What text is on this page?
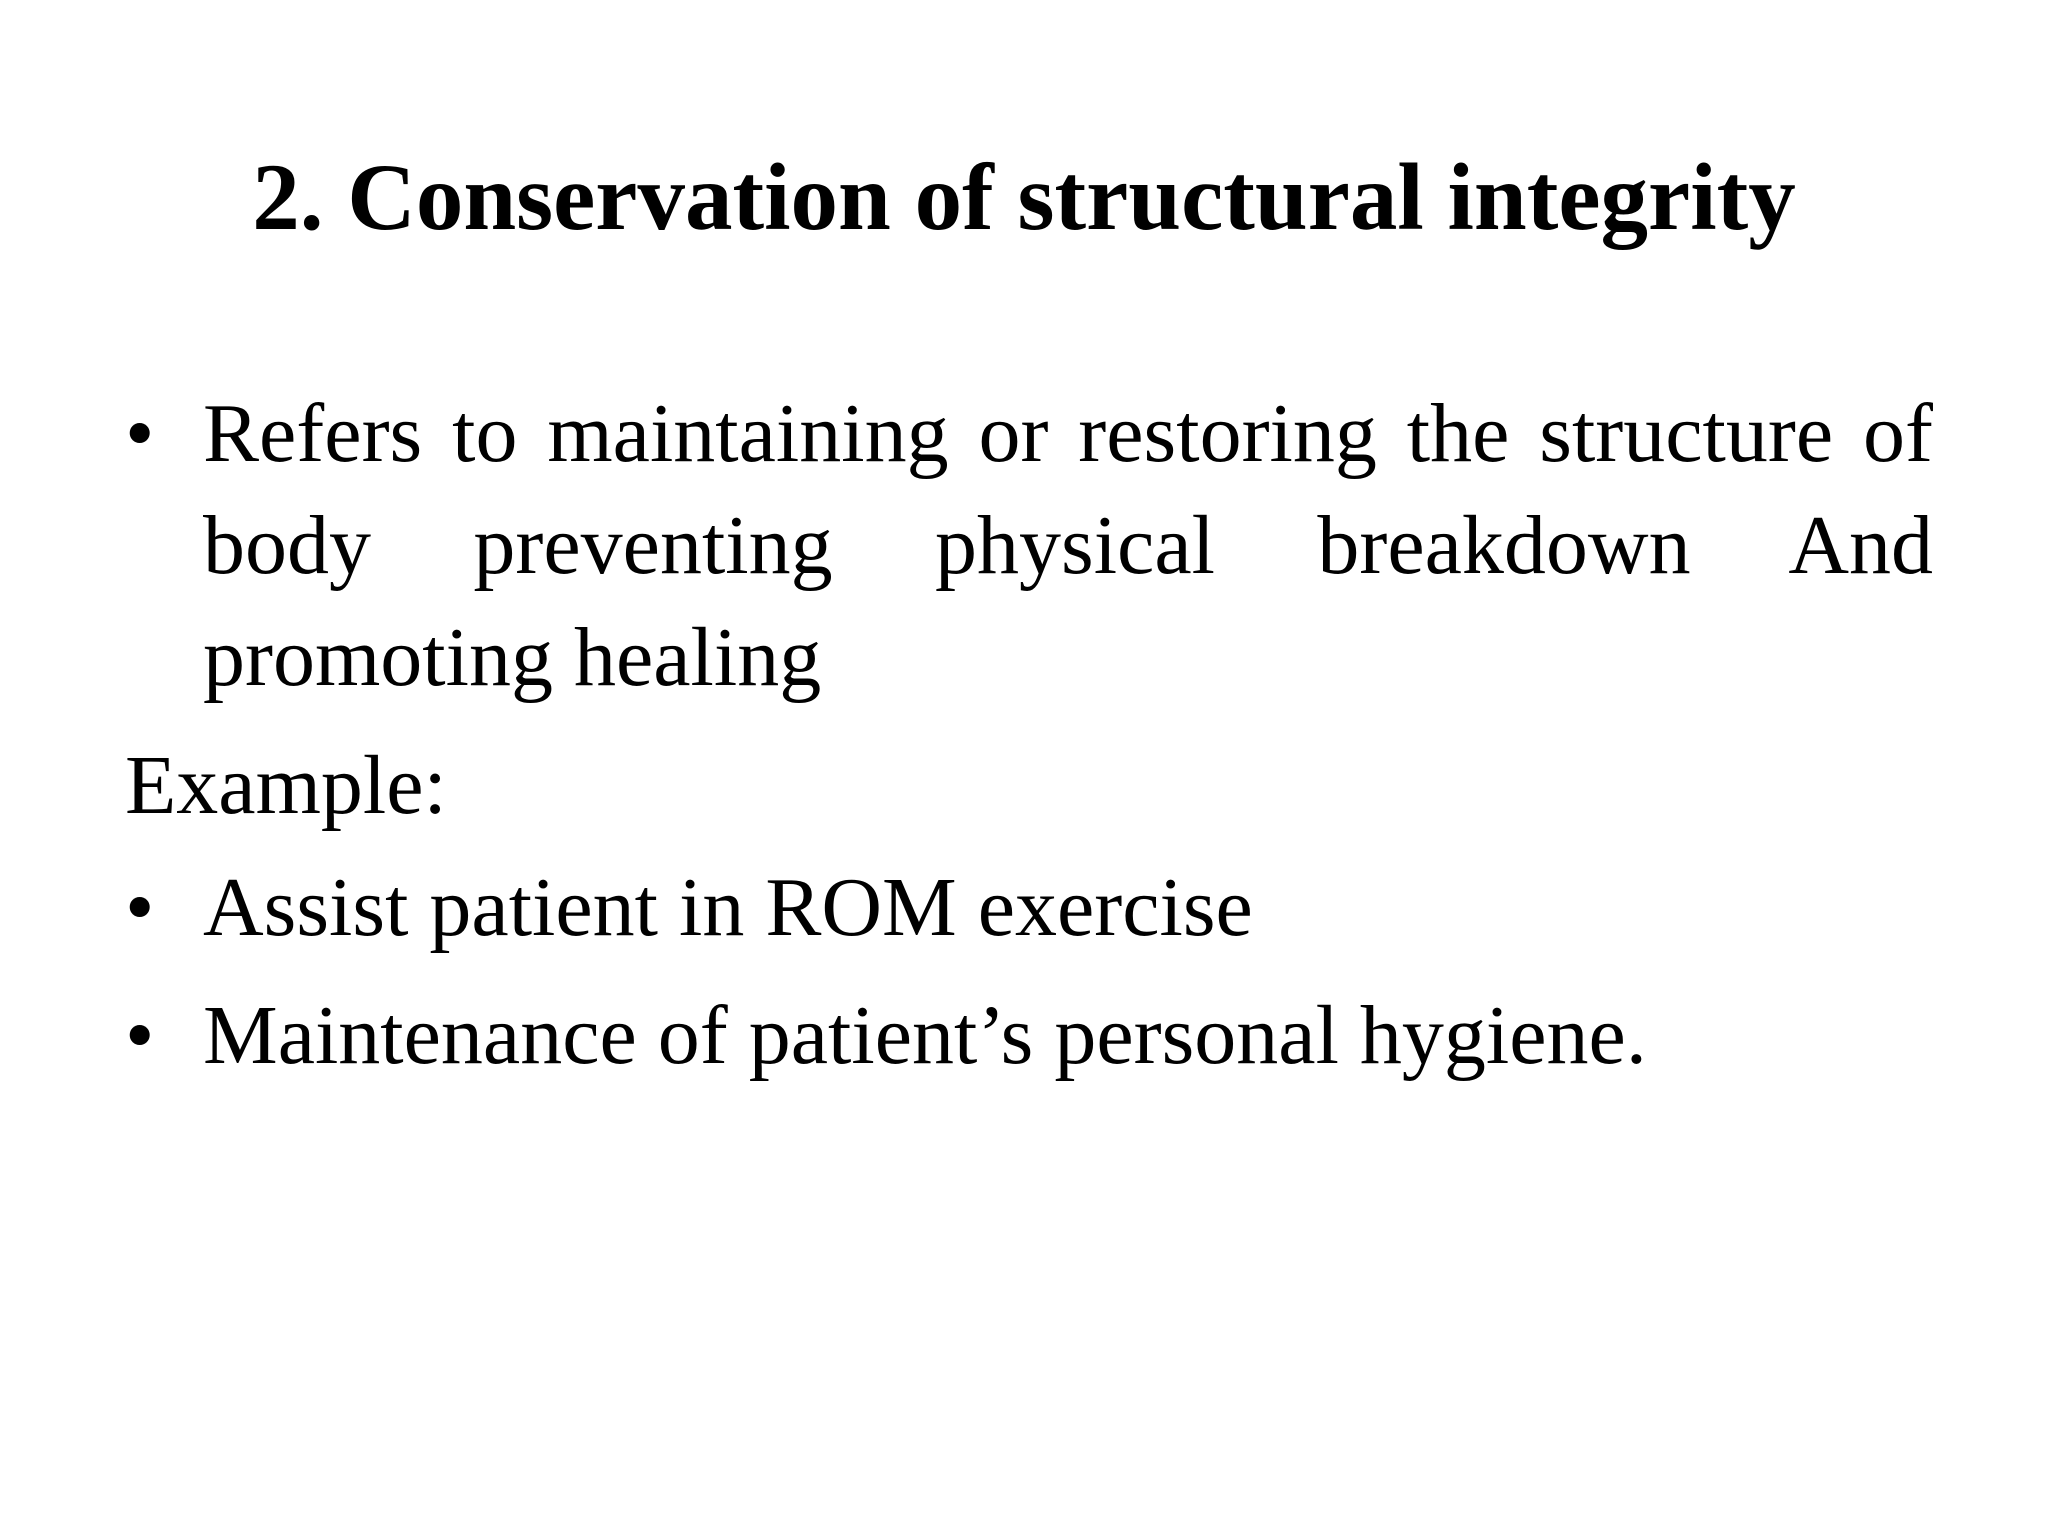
2. Conservation of structural integrity
• Refers to maintaining or restoring the structure of body preventing physical breakdown And promoting healing
Example:
• Assist patient in ROM exercise
• Maintenance of patient’s personal hygiene.
